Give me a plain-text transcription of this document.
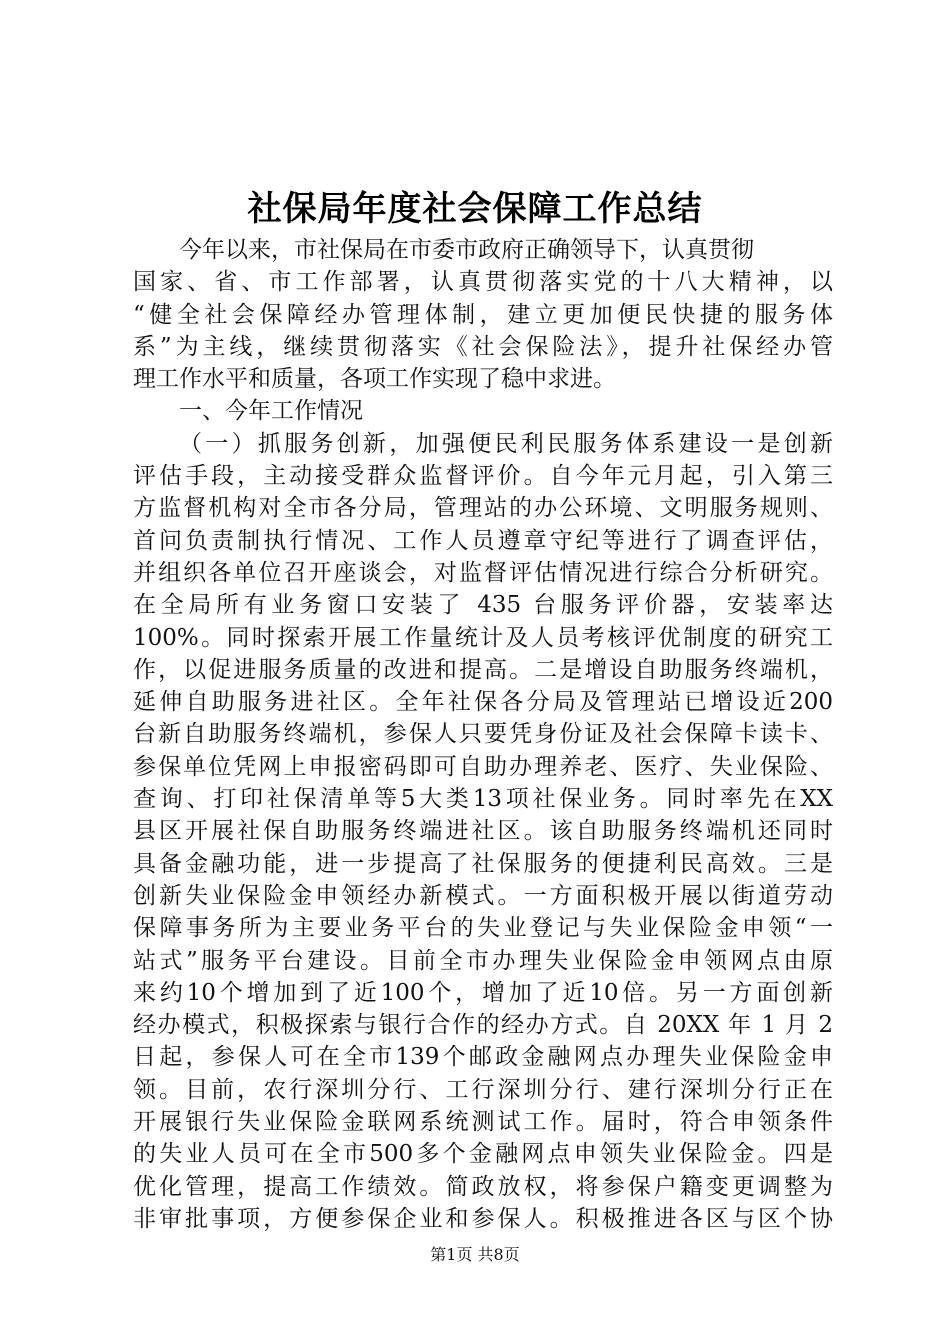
社保局年度社会保障工作总结
今年以来，市社保局在市委市政府正确领导下，认真贯彻
国家、省、市工作部署，认真贯彻落实党的十八大精神，以
“健全社会保障经办管理体制，建立更加便民快捷的服务体
系”为主线，继续贯彻落实《社会保险法》，提升社保经办管
理工作水平和质量，各项工作实现了稳中求进。
一、今年工作情况
（一）抓服务创新，加强便民利民服务体系建设一是创新
评估手段，主动接受群众监督评价。自今年元月起，引入第三
方监督机构对全市各分局，管理站的办公环境、文明服务规则、
首问负责制执行情况、工作人员遵章守纪等进行了调查评估，
并组织各单位召开座谈会，对监督评估情况进行综合分析研究。
在全局所有业务窗口安装了 435 台服务评价器，安装率达
100%。同时探索开展工作量统计及人员考核评优制度的研究工
作，以促进服务质量的改进和提高。二是增设自助服务终端机，
延伸自助服务进社区。全年社保各分局及管理站已增设近200
台新自助服务终端机，参保人只要凭身份证及社会保障卡读卡、
参保单位凭网上申报密码即可自助办理养老、医疗、失业保险、
查询、打印社保清单等5大类13项社保业务。同时率先在XX
县区开展社保自助服务终端进社区。该自助服务终端机还同时
具备金融功能，进一步提高了社保服务的便捷利民高效。三是
创新失业保险金申领经办新模式。一方面积极开展以街道劳动
保障事务所为主要业务平台的失业登记与失业保险金申领“一
站式”服务平台建设。目前全市办理失业保险金申领网点由原
来约10个增加到了近100个，增加了近10倍。另一方面创新
经办模式，积极探索与银行合作的经办方式。自 20XX 年 1 月 2
日起，参保人可在全市139个邮政金融网点办理失业保险金申
领。目前，农行深圳分行、工行深圳分行、建行深圳分行正在
开展银行失业保险金联网系统测试工作。届时，符合申领条件
的失业人员可在全市500多个金融网点申领失业保险金。四是
优化管理，提高工作绩效。简政放权，将参保户籍变更调整为
非审批事项，方便参保企业和参保人。积极推进各区与区个协
第1页 共8页
